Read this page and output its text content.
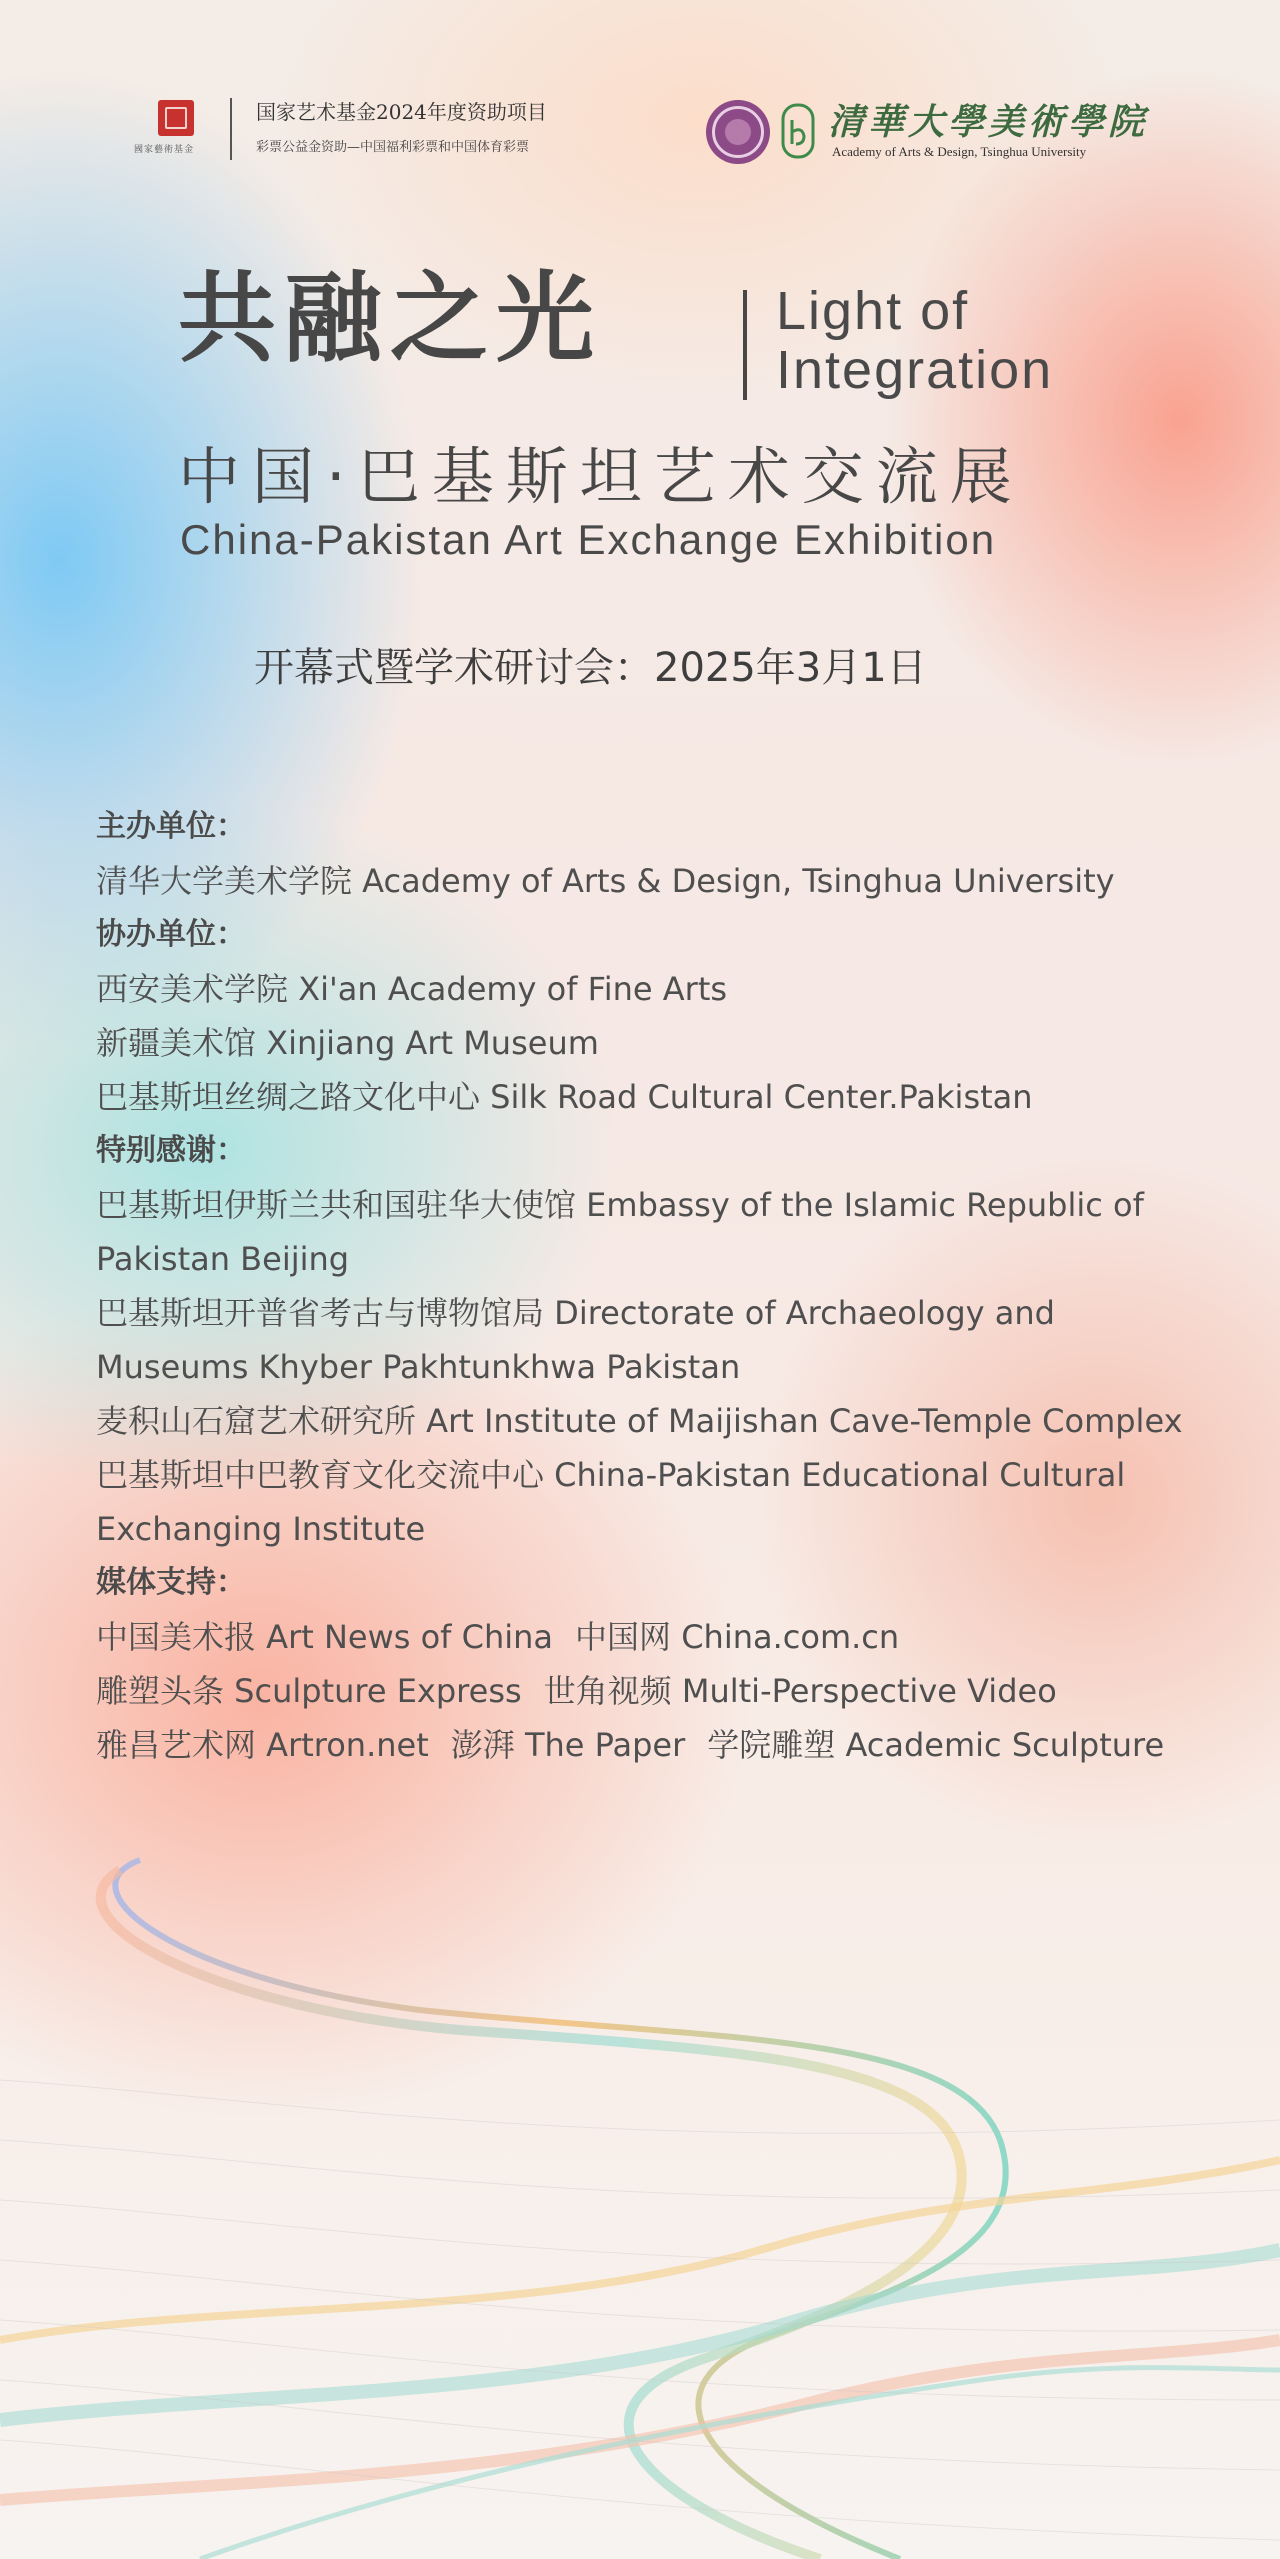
國家藝術基金
国家艺术基金2024年度资助项目
彩票公益金资助—中国福利彩票和中国体育彩票
清華大學美術學院
Academy of Arts & Design, Tsinghua University
共融之光	Light of
Integration
中国·巴基斯坦艺术交流展
China-Pakistan Art Exchange Exhibition
开幕式暨学术研讨会：2025年3月1日
主办单位：
清华大学美术学院 Academy of Arts & Design, Tsinghua University
协办单位：
西安美术学院 Xi'an Academy of Fine Arts
新疆美术馆 Xinjiang Art Museum
巴基斯坦丝绸之路文化中心 Silk Road Cultural Center.Pakistan
特别感谢：
巴基斯坦伊斯兰共和国驻华大使馆 Embassy of the Islamic Republic of Pakistan Beijing
巴基斯坦开普省考古与博物馆局 Directorate of Archaeology and Museums Khyber Pakhtunkhwa Pakistan
麦积山石窟艺术研究所 Art Institute of Maijishan Cave-Temple Complex
巴基斯坦中巴教育文化交流中心 China-Pakistan Educational Cultural Exchanging Institute
媒体支持：
中国美术报 Art News of China 中国网 China.com.cn
雕塑头条 Sculpture Express 世角视频 Multi-Perspective Video
雅昌艺术网 Artron.net 澎湃 The Paper 学院雕塑 Academic Sculpture
